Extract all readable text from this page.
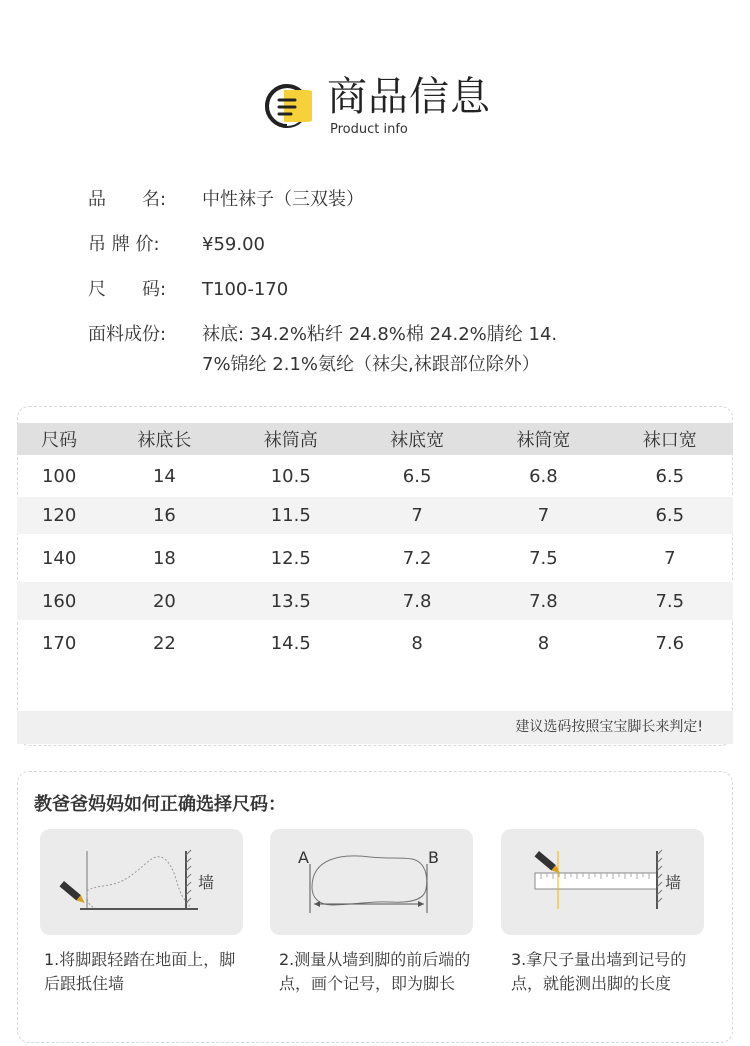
商品信息
Product info
品　　名:	中性袜子（三双装）
吊 牌 价:	¥59.00
尺　　码:	T100-170
面料成份:	袜底: 34.2%粘纤 24.8%棉 24.2%腈纶 14.
7%锦纶 2.1%氨纶（袜尖,袜跟部位除外）
尺码	袜底长	袜筒高	袜底宽	袜筒宽	袜口宽
100	14	10.5	6.5	6.8	6.5
120	16	11.5	7	7	6.5
140	18	12.5	7.2	7.5	7
160	20	13.5	7.8	7.8	7.5
170	22	14.5	8	8	7.6
建议选码按照宝宝脚长来判定!
教爸爸妈妈如何正确选择尺码：
墙
A	B
墙
1.将脚跟轻踏在地面上，脚后跟抵住墙
2.测量从墙到脚的前后端的点，画个记号，即为脚长
3.拿尺子量出墙到记号的点，就能测出脚的长度
